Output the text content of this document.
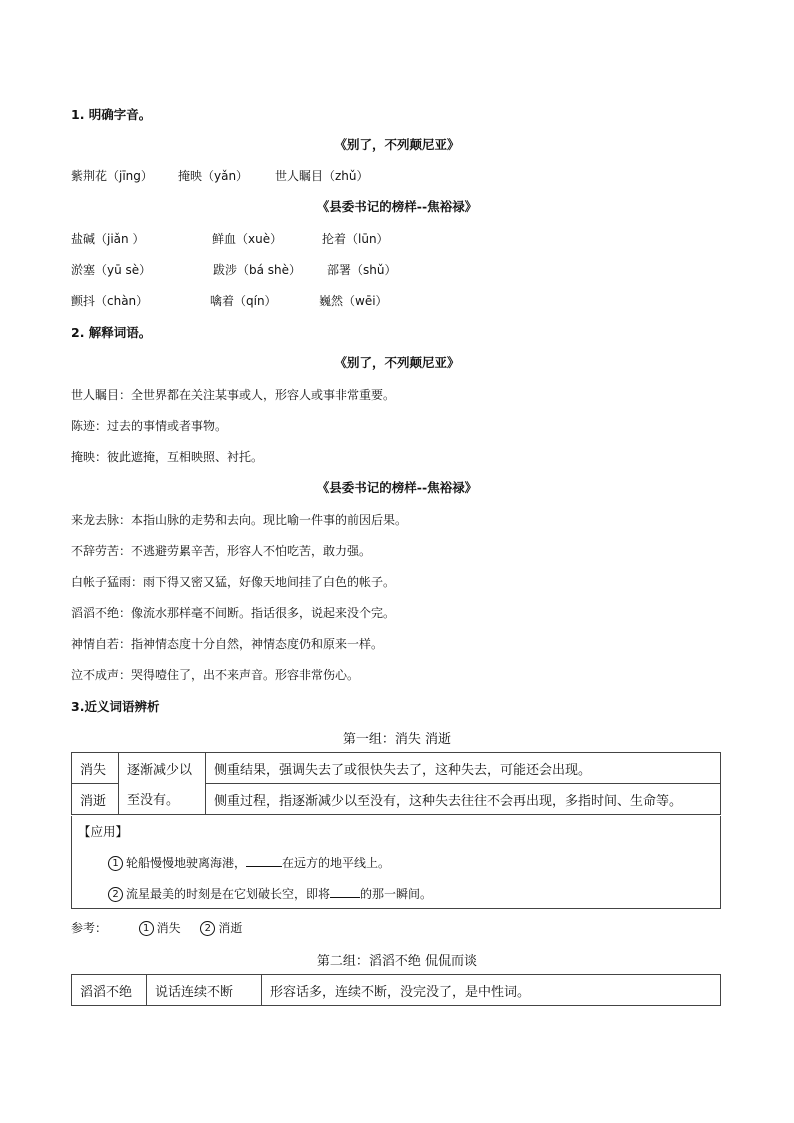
1. 明确字音。
《别了，不列颠尼亚》
紫荆花（jīng） 掩映（yǎn） 世人瞩目（zhǔ）
《县委书记的榜样--焦裕禄》
盐碱（jiǎn ）	鲜血（xuè）	抡着（lūn）
淤塞（yū sè）	跋涉（bá shè） 部署（shǔ）
颤抖（chàn）	噙着（qín）	巍然（wēi）
2. 解释词语。
《别了，不列颠尼亚》
世人瞩目：全世界都在关注某事或人，形容人或事非常重要。
陈迹：过去的事情或者事物。
掩映：彼此遮掩，互相映照、衬托。
《县委书记的榜样--焦裕禄》
来龙去脉：本指山脉的走势和去向。现比喻一件事的前因后果。
不辞劳苦：不逃避劳累辛苦，形容人不怕吃苦，敢力强。
白帐子猛雨：雨下得又密又猛，好像天地间挂了白色的帐子。
滔滔不绝：像流水那样毫不间断。指话很多，说起来没个完。
神情自若：指神情态度十分自然，神情态度仍和原来一样。
泣不成声：哭得噎住了，出不来声音。形容非常伤心。
3.近义词语辨析
第一组：消失 消逝
消失	逐渐减少以	侧重结果，强调失去了或很快失去了，这种失去，可能还会出现。
消逝	至没有。	侧重过程，指逐渐减少以至没有，这种失去往往不会再出现，多指时间、生命等。
【应用】
1 轮船慢慢地驶离海港，	在远方的地平线上。
2 流星最美的时刻是在它划破长空，即将	的那一瞬间。
参考：	1 消失 2 消逝
第二组：滔滔不绝 侃侃而谈
滔滔不绝	说话连续不断	形容话多，连续不断，没完没了，是中性词。
